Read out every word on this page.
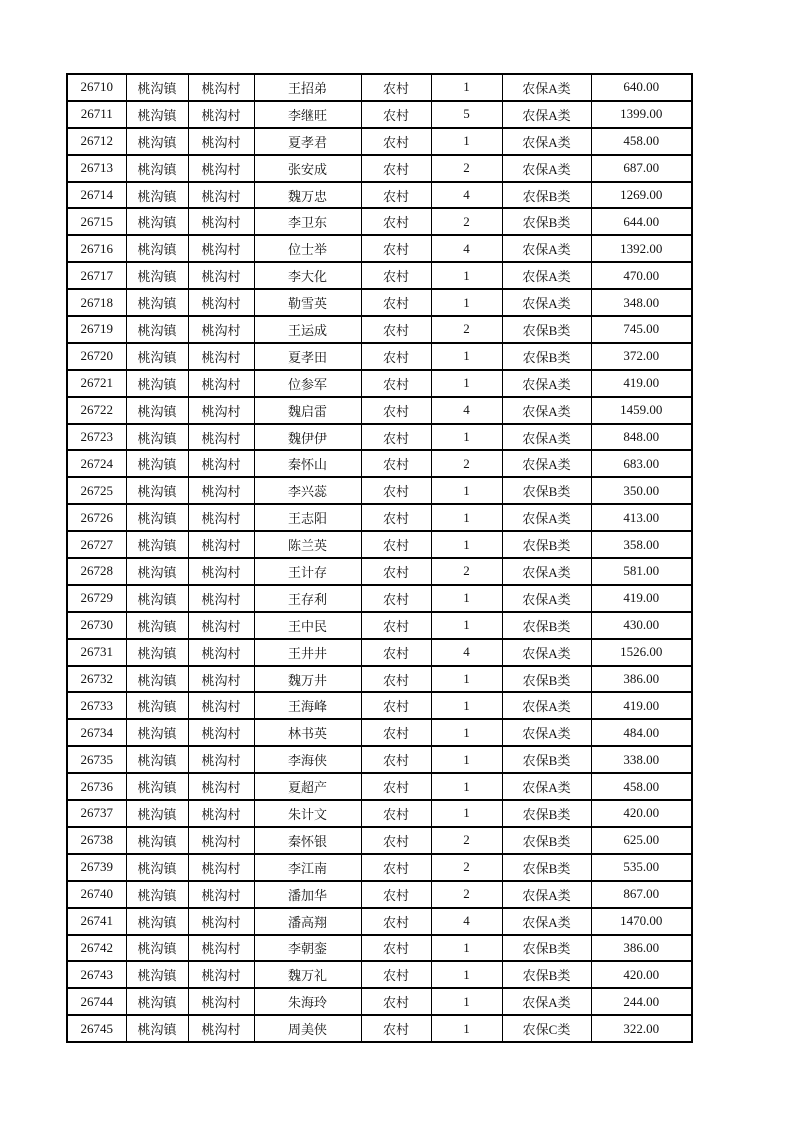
26710	桃沟镇	桃沟村	王招弟	农村	1	农保A类	640.00
26711	桃沟镇	桃沟村	李继旺	农村	5	农保A类	1399.00
26712	桃沟镇	桃沟村	夏孝君	农村	1	农保A类	458.00
26713	桃沟镇	桃沟村	张安成	农村	2	农保A类	687.00
26714	桃沟镇	桃沟村	魏万忠	农村	4	农保B类	1269.00
26715	桃沟镇	桃沟村	李卫东	农村	2	农保B类	644.00
26716	桃沟镇	桃沟村	位士举	农村	4	农保A类	1392.00
26717	桃沟镇	桃沟村	李大化	农村	1	农保A类	470.00
26718	桃沟镇	桃沟村	勒雪英	农村	1	农保A类	348.00
26719	桃沟镇	桃沟村	王运成	农村	2	农保B类	745.00
26720	桃沟镇	桃沟村	夏孝田	农村	1	农保B类	372.00
26721	桃沟镇	桃沟村	位参军	农村	1	农保A类	419.00
26722	桃沟镇	桃沟村	魏启雷	农村	4	农保A类	1459.00
26723	桃沟镇	桃沟村	魏伊伊	农村	1	农保A类	848.00
26724	桃沟镇	桃沟村	秦怀山	农村	2	农保A类	683.00
26725	桃沟镇	桃沟村	李兴蕊	农村	1	农保B类	350.00
26726	桃沟镇	桃沟村	王志阳	农村	1	农保A类	413.00
26727	桃沟镇	桃沟村	陈兰英	农村	1	农保B类	358.00
26728	桃沟镇	桃沟村	王计存	农村	2	农保A类	581.00
26729	桃沟镇	桃沟村	王存利	农村	1	农保A类	419.00
26730	桃沟镇	桃沟村	王中民	农村	1	农保B类	430.00
26731	桃沟镇	桃沟村	王井井	农村	4	农保A类	1526.00
26732	桃沟镇	桃沟村	魏万井	农村	1	农保B类	386.00
26733	桃沟镇	桃沟村	王海峰	农村	1	农保A类	419.00
26734	桃沟镇	桃沟村	林书英	农村	1	农保A类	484.00
26735	桃沟镇	桃沟村	李海侠	农村	1	农保B类	338.00
26736	桃沟镇	桃沟村	夏超产	农村	1	农保A类	458.00
26737	桃沟镇	桃沟村	朱计文	农村	1	农保B类	420.00
26738	桃沟镇	桃沟村	秦怀银	农村	2	农保B类	625.00
26739	桃沟镇	桃沟村	李江南	农村	2	农保B类	535.00
26740	桃沟镇	桃沟村	潘加华	农村	2	农保A类	867.00
26741	桃沟镇	桃沟村	潘高翔	农村	4	农保A类	1470.00
26742	桃沟镇	桃沟村	李朝銮	农村	1	农保B类	386.00
26743	桃沟镇	桃沟村	魏万礼	农村	1	农保B类	420.00
26744	桃沟镇	桃沟村	朱海玲	农村	1	农保A类	244.00
26745	桃沟镇	桃沟村	周美侠	农村	1	农保C类	322.00
